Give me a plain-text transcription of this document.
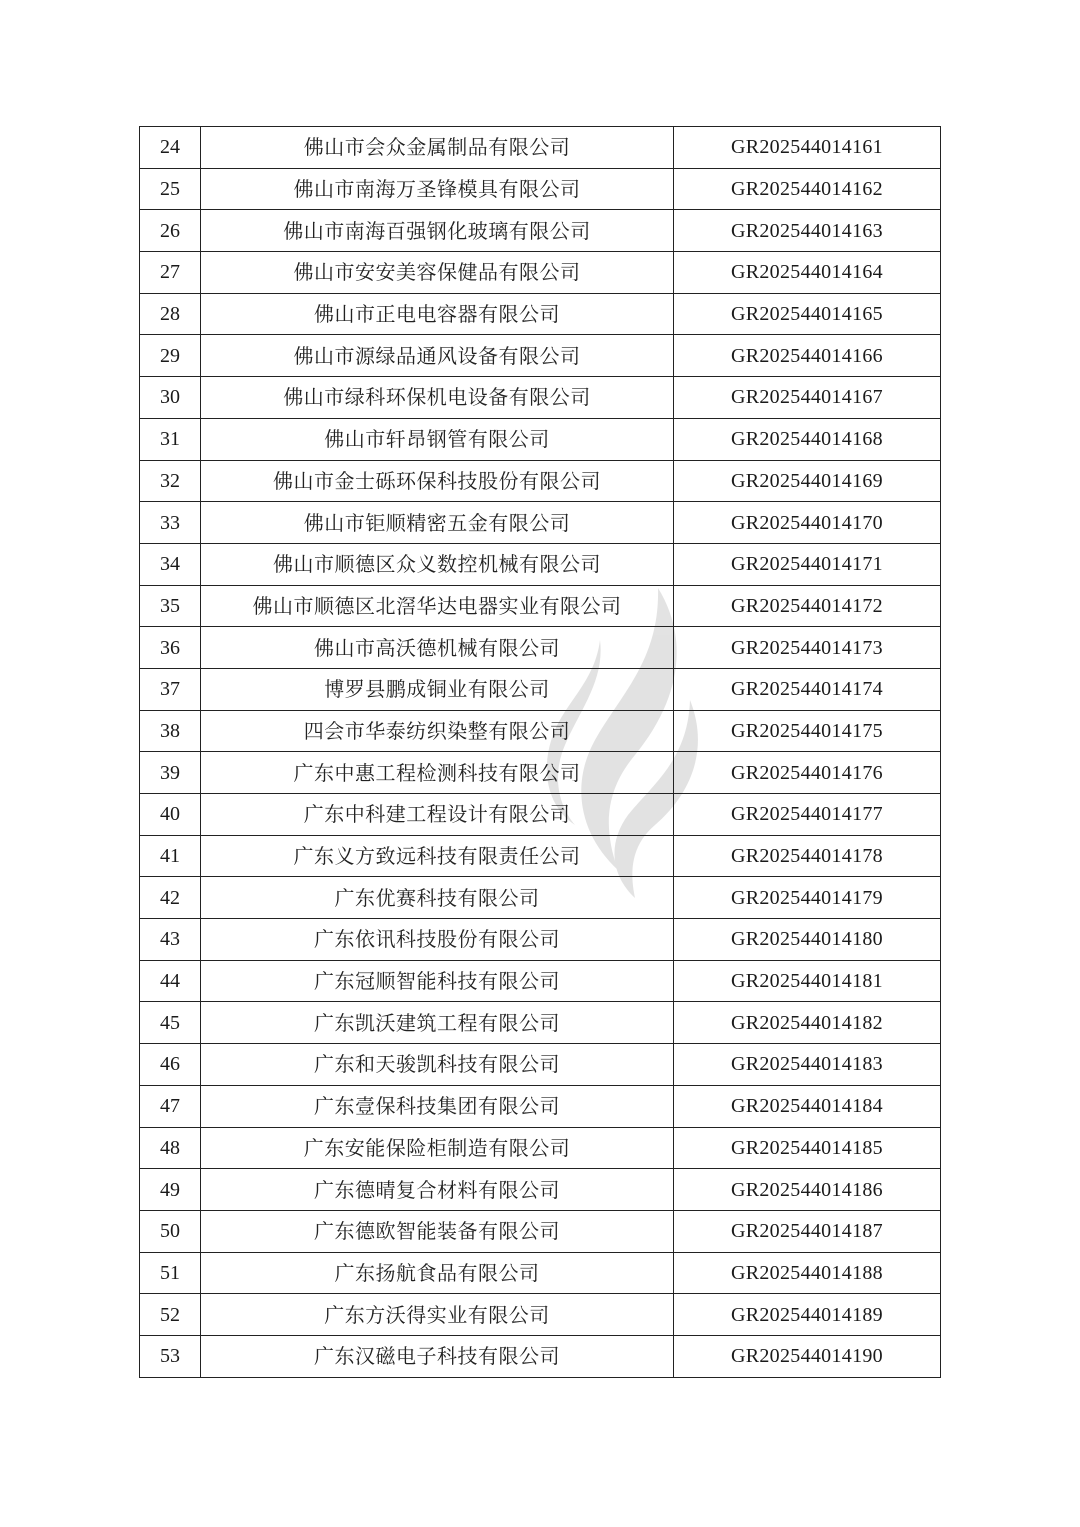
24	佛山市会众金属制品有限公司	GR202544014161
25	佛山市南海万圣锋模具有限公司	GR202544014162
26	佛山市南海百强钢化玻璃有限公司	GR202544014163
27	佛山市安安美容保健品有限公司	GR202544014164
28	佛山市正电电容器有限公司	GR202544014165
29	佛山市源绿品通风设备有限公司	GR202544014166
30	佛山市绿科环保机电设备有限公司	GR202544014167
31	佛山市轩昂钢管有限公司	GR202544014168
32	佛山市金士砾环保科技股份有限公司	GR202544014169
33	佛山市钜顺精密五金有限公司	GR202544014170
34	佛山市顺德区众义数控机械有限公司	GR202544014171
35	佛山市顺德区北滘华达电器实业有限公司	GR202544014172
36	佛山市高沃德机械有限公司	GR202544014173
37	博罗县鹏成铜业有限公司	GR202544014174
38	四会市华泰纺织染整有限公司	GR202544014175
39	广东中惠工程检测科技有限公司	GR202544014176
40	广东中科建工程设计有限公司	GR202544014177
41	广东义方致远科技有限责任公司	GR202544014178
42	广东优赛科技有限公司	GR202544014179
43	广东依讯科技股份有限公司	GR202544014180
44	广东冠顺智能科技有限公司	GR202544014181
45	广东凯沃建筑工程有限公司	GR202544014182
46	广东和天骏凯科技有限公司	GR202544014183
47	广东壹保科技集团有限公司	GR202544014184
48	广东安能保险柜制造有限公司	GR202544014185
49	广东德晴复合材料有限公司	GR202544014186
50	广东德欧智能装备有限公司	GR202544014187
51	广东扬航食品有限公司	GR202544014188
52	广东方沃得实业有限公司	GR202544014189
53	广东汉磁电子科技有限公司	GR202544014190
